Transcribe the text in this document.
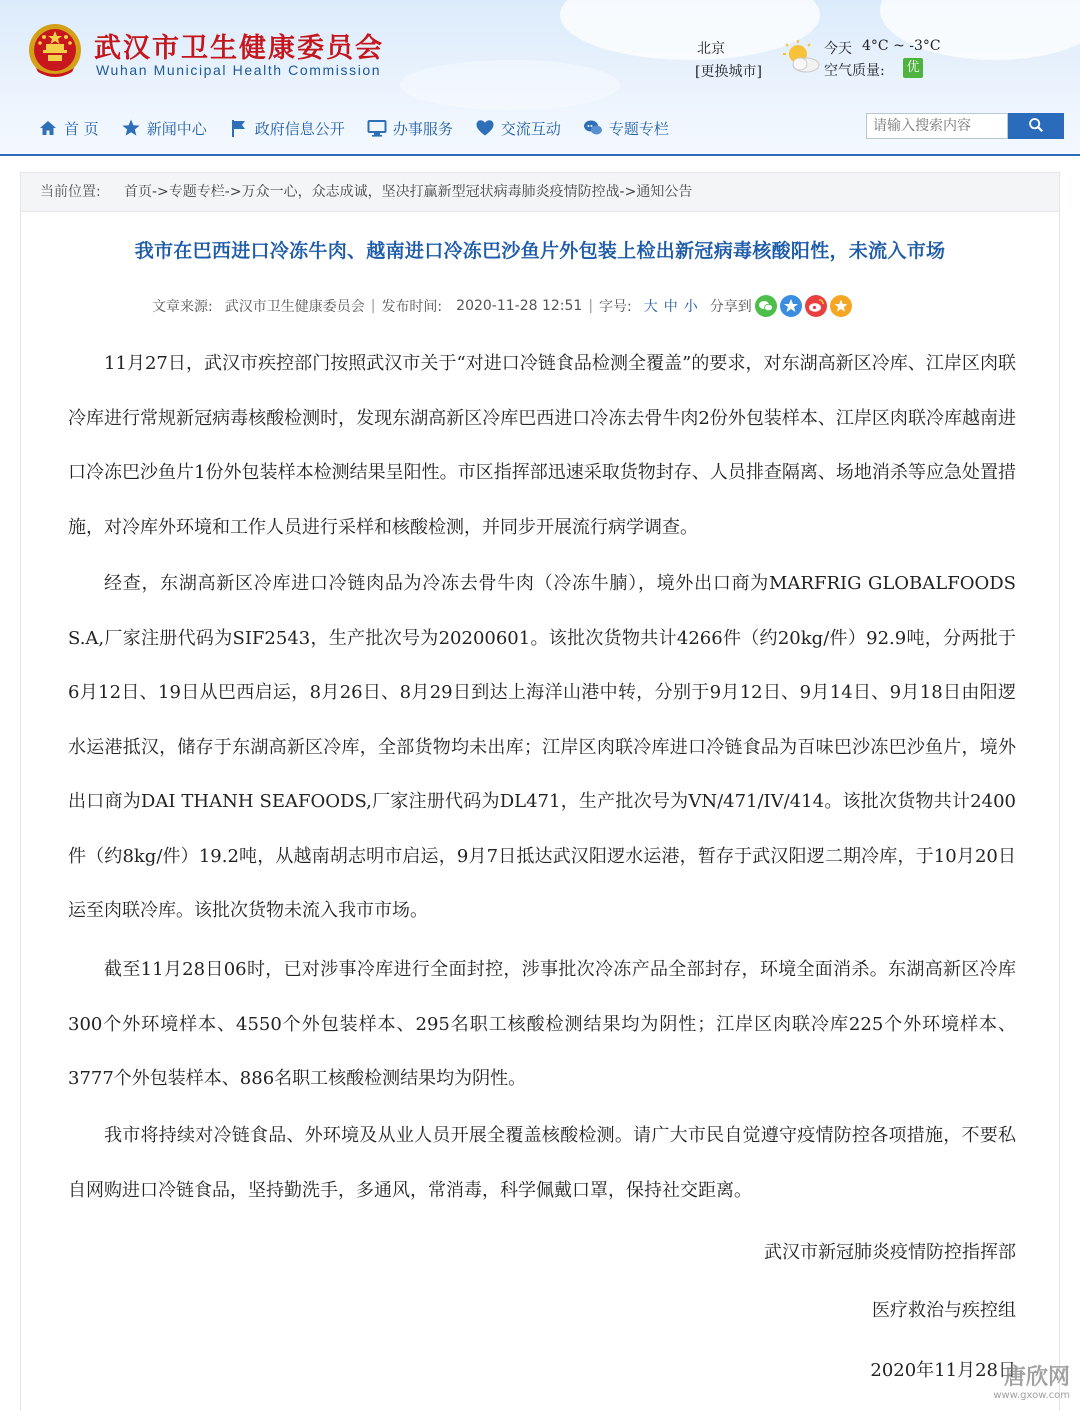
武汉市卫生健康委员会
Wuhan Municipal Health Commission
北京
[更换城市]
今天 4°C ~ -3°C
空气质量: 优
首 页	新闻中心	政府信息公开	办事服务	交流互动	专题专栏
请输入搜索内容
当前位置: 首页->专题专栏->万众一心，众志成诚，坚决打赢新型冠状病毒肺炎疫情防控战->通知公告
我市在巴西进口冷冻牛肉、越南进口冷冻巴沙鱼片外包装上检出新冠病毒核酸阳性，未流入市场
文章来源: 武汉市卫生健康委员会 | 发布时间: 2020-11-28 12:51 | 字号: 大 中 小 分享到

11月27日，武汉市疾控部门按照武汉市关于“对进口冷链食品检测全覆盖”的要求，对东湖高新区冷库、江岸区肉联冷库进行常规新冠病毒核酸检测时，发现东湖高新区冷库巴西进口冷冻去骨牛肉2份外包装样本、江岸区肉联冷库越南进口冷冻巴沙鱼片1份外包装样本检测结果呈阳性。市区指挥部迅速采取货物封存、人员排查隔离、场地消杀等应急处置措施，对冷库外环境和工作人员进行采样和核酸检测，并同步开展流行病学调查。

经查，东湖高新区冷库进口冷链肉品为冷冻去骨牛肉（冷冻牛腩），境外出口商为MARFRIG GLOBALFOODS S.A,厂家注册代码为SIF2543，生产批次号为20200601。该批次货物共计4266件（约20kg/件）92.9吨，分两批于6月12日、19日从巴西启运，8月26日、8月29日到达上海洋山港中转，分别于9月12日、9月14日、9月18日由阳逻水运港抵汉，储存于东湖高新区冷库，全部货物均未出库；江岸区肉联冷库进口冷链食品为百味巴沙冻巴沙鱼片，境外出口商为DAI THANH SEAFOODS,厂家注册代码为DL471，生产批次号为VN/471/IV/414。该批次货物共计2400件（约8kg/件）19.2吨，从越南胡志明市启运，9月7日抵达武汉阳逻水运港，暂存于武汉阳逻二期冷库，于10月20日运至肉联冷库。该批次货物未流入我市市场。

截至11月28日06时，已对涉事冷库进行全面封控，涉事批次冷冻产品全部封存，环境全面消杀。东湖高新区冷库300个外环境样本、4550个外包装样本、295名职工核酸检测结果均为阴性；江岸区肉联冷库225个外环境样本、3777个外包装样本、886名职工核酸检测结果均为阴性。

我市将持续对冷链食品、外环境及从业人员开展全覆盖核酸检测。请广大市民自觉遵守疫情防控各项措施，不要私自网购进口冷链食品，坚持勤洗手，多通风，常消毒，科学佩戴口罩，保持社交距离。

武汉市新冠肺炎疫情防控指挥部
医疗救治与疾控组
2020年11月28日
唐欣网
www.gxow.com
